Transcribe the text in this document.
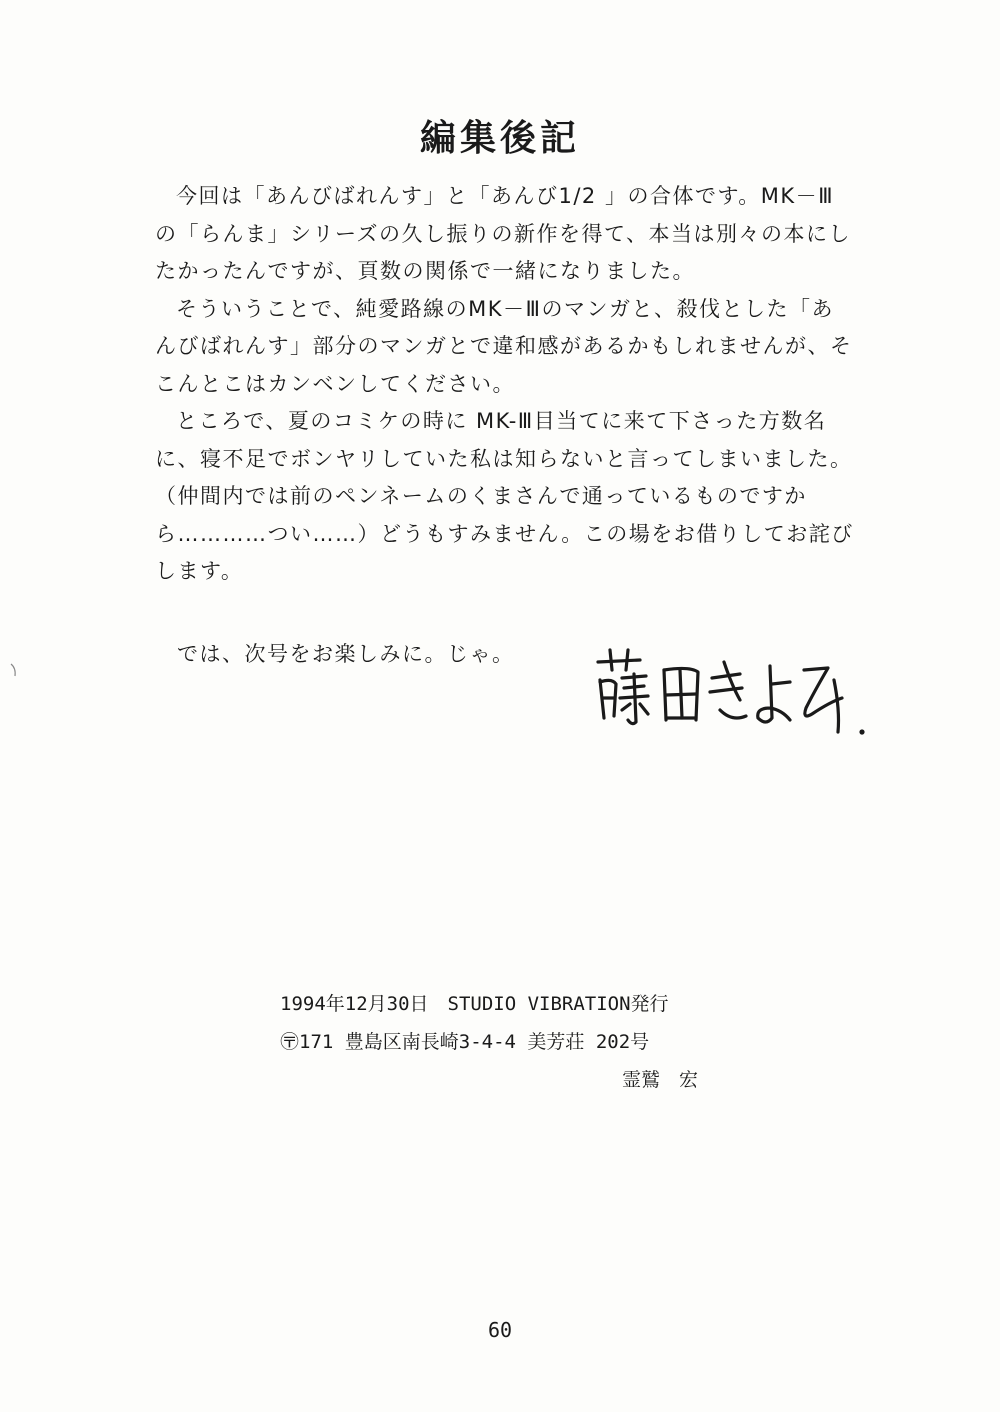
編集後記

今回は「あんびばれんす」と「あんび1/2 」の合体です。MK－Ⅲの「らんま」シリーズの久し振りの新作を得て、本当は別々の本にしたかったんですが、頁数の関係で一緒になりました。

そういうことで、純愛路線のMK－Ⅲのマンガと、殺伐とした「あんびばれんす」部分のマンガとで違和感があるかもしれませんが、そこんとこはカンベンしてください。

ところで、夏のコミケの時に MK-Ⅲ目当てに来て下さった方数名に、寝不足でボンヤリしていた私は知らないと言ってしまいました。（仲間内では前のペンネームのくまさんで通っているものですから…………つい……）どうもすみません。この場をお借りしてお詫びします。

では、次号をお楽しみに。じゃ。

1994年12月30日　STUDIO VIBRATION発行
〶171 豊島区南長崎3-4-4 美芳荘 202号
霊鷲　宏
60
